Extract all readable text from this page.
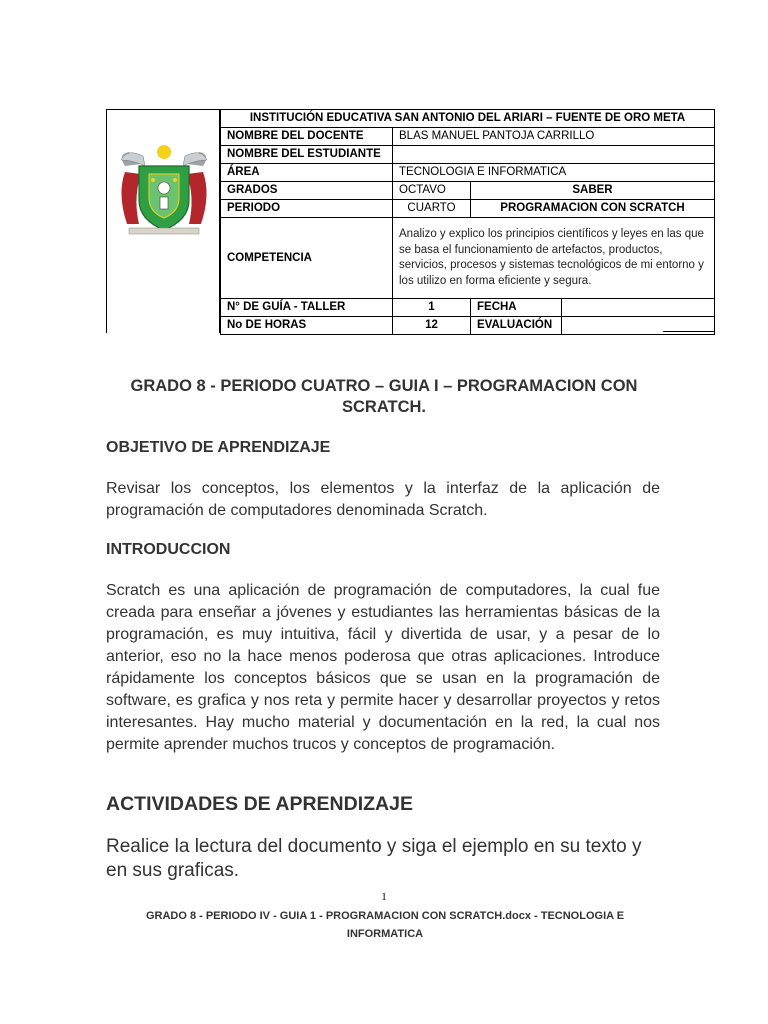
INSTITUCIÓN EDUCATIVA SAN ANTONIO DEL ARIARI – FUENTE DE ORO META			
NOMBRE DEL DOCENTE	BLAS MANUEL PANTOJA CARRILLO		
NOMBRE DEL ESTUDIANTE			
ÁREA	TECNOLOGIA E INFORMATICA		
GRADOS	OCTAVO	SABER	
PERIODO	CUARTO	PROGRAMACION CON SCRATCH	
COMPETENCIA	Analizo y explico los principios científicos y leyes en las que se basa el funcionamiento de artefactos, productos, servicios, procesos y sistemas tecnológicos de mi entorno y los utilizo en forma eficiente y segura.		
N° DE GUÍA - TALLER	1	FECHA	
No DE HORAS	12	EVALUACIÓN	
GRADO 8 - PERIODO CUATRO – GUIA I – PROGRAMACION CON SCRATCH.
OBJETIVO DE APRENDIZAJE
Revisar los conceptos, los elementos y la interfaz de la aplicación de programación de computadores denominada Scratch.
INTRODUCCION
Scratch es una aplicación de programación de computadores, la cual fue creada para enseñar a jóvenes y estudiantes las herramientas básicas de la programación, es muy intuitiva, fácil y divertida de usar, y a pesar de lo anterior, eso no la hace menos poderosa que otras aplicaciones. Introduce rápidamente los conceptos básicos que se usan en la programación de software, es grafica y nos reta y permite hacer y desarrollar proyectos y retos interesantes. Hay mucho material y documentación en la red, la cual nos permite aprender muchos trucos y conceptos de programación.
ACTIVIDADES DE APRENDIZAJE
Realice la lectura del documento y siga el ejemplo en su texto y en sus graficas.
1
GRADO 8 - PERIODO IV - GUIA 1 - PROGRAMACION CON SCRATCH.docx - TECNOLOGIA E INFORMATICA
